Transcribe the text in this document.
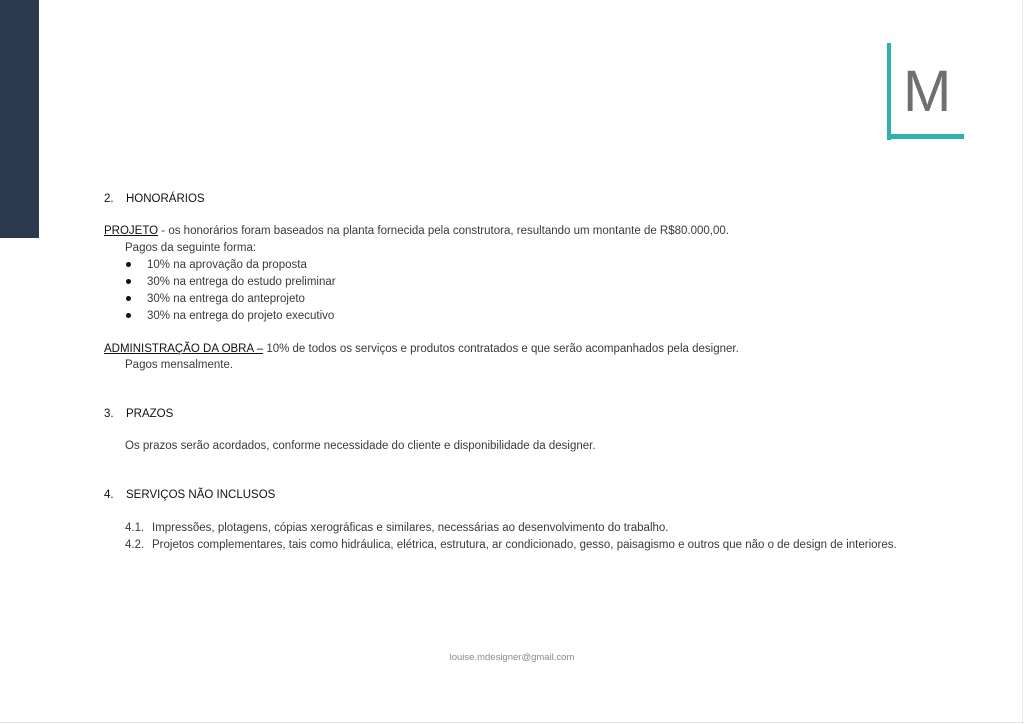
M
2. HONORÁRIOS
PROJETO - os honorários foram baseados na planta fornecida pela construtora, resultando um montante de R$80.000,00.
Pagos da seguinte forma:
10% na aprovação da proposta
30% na entrega do estudo preliminar
30% na entrega do anteprojeto
30% na entrega do projeto executivo
ADMINISTRAÇÃO DA OBRA – 10% de todos os serviços e produtos contratados e que serão acompanhados pela designer.
Pagos mensalmente.
3. PRAZOS
Os prazos serão acordados, conforme necessidade do cliente e disponibilidade da designer.
4. SERVIÇOS NÃO INCLUSOS
4.1. Impressões, plotagens, cópias xerográficas e similares, necessárias ao desenvolvimento do trabalho.
4.2. Projetos complementares, tais como hidráulica, elétrica, estrutura, ar condicionado, gesso, paisagismo e outros que não o de design de interiores.
louise.mdesigner@gmail.com
